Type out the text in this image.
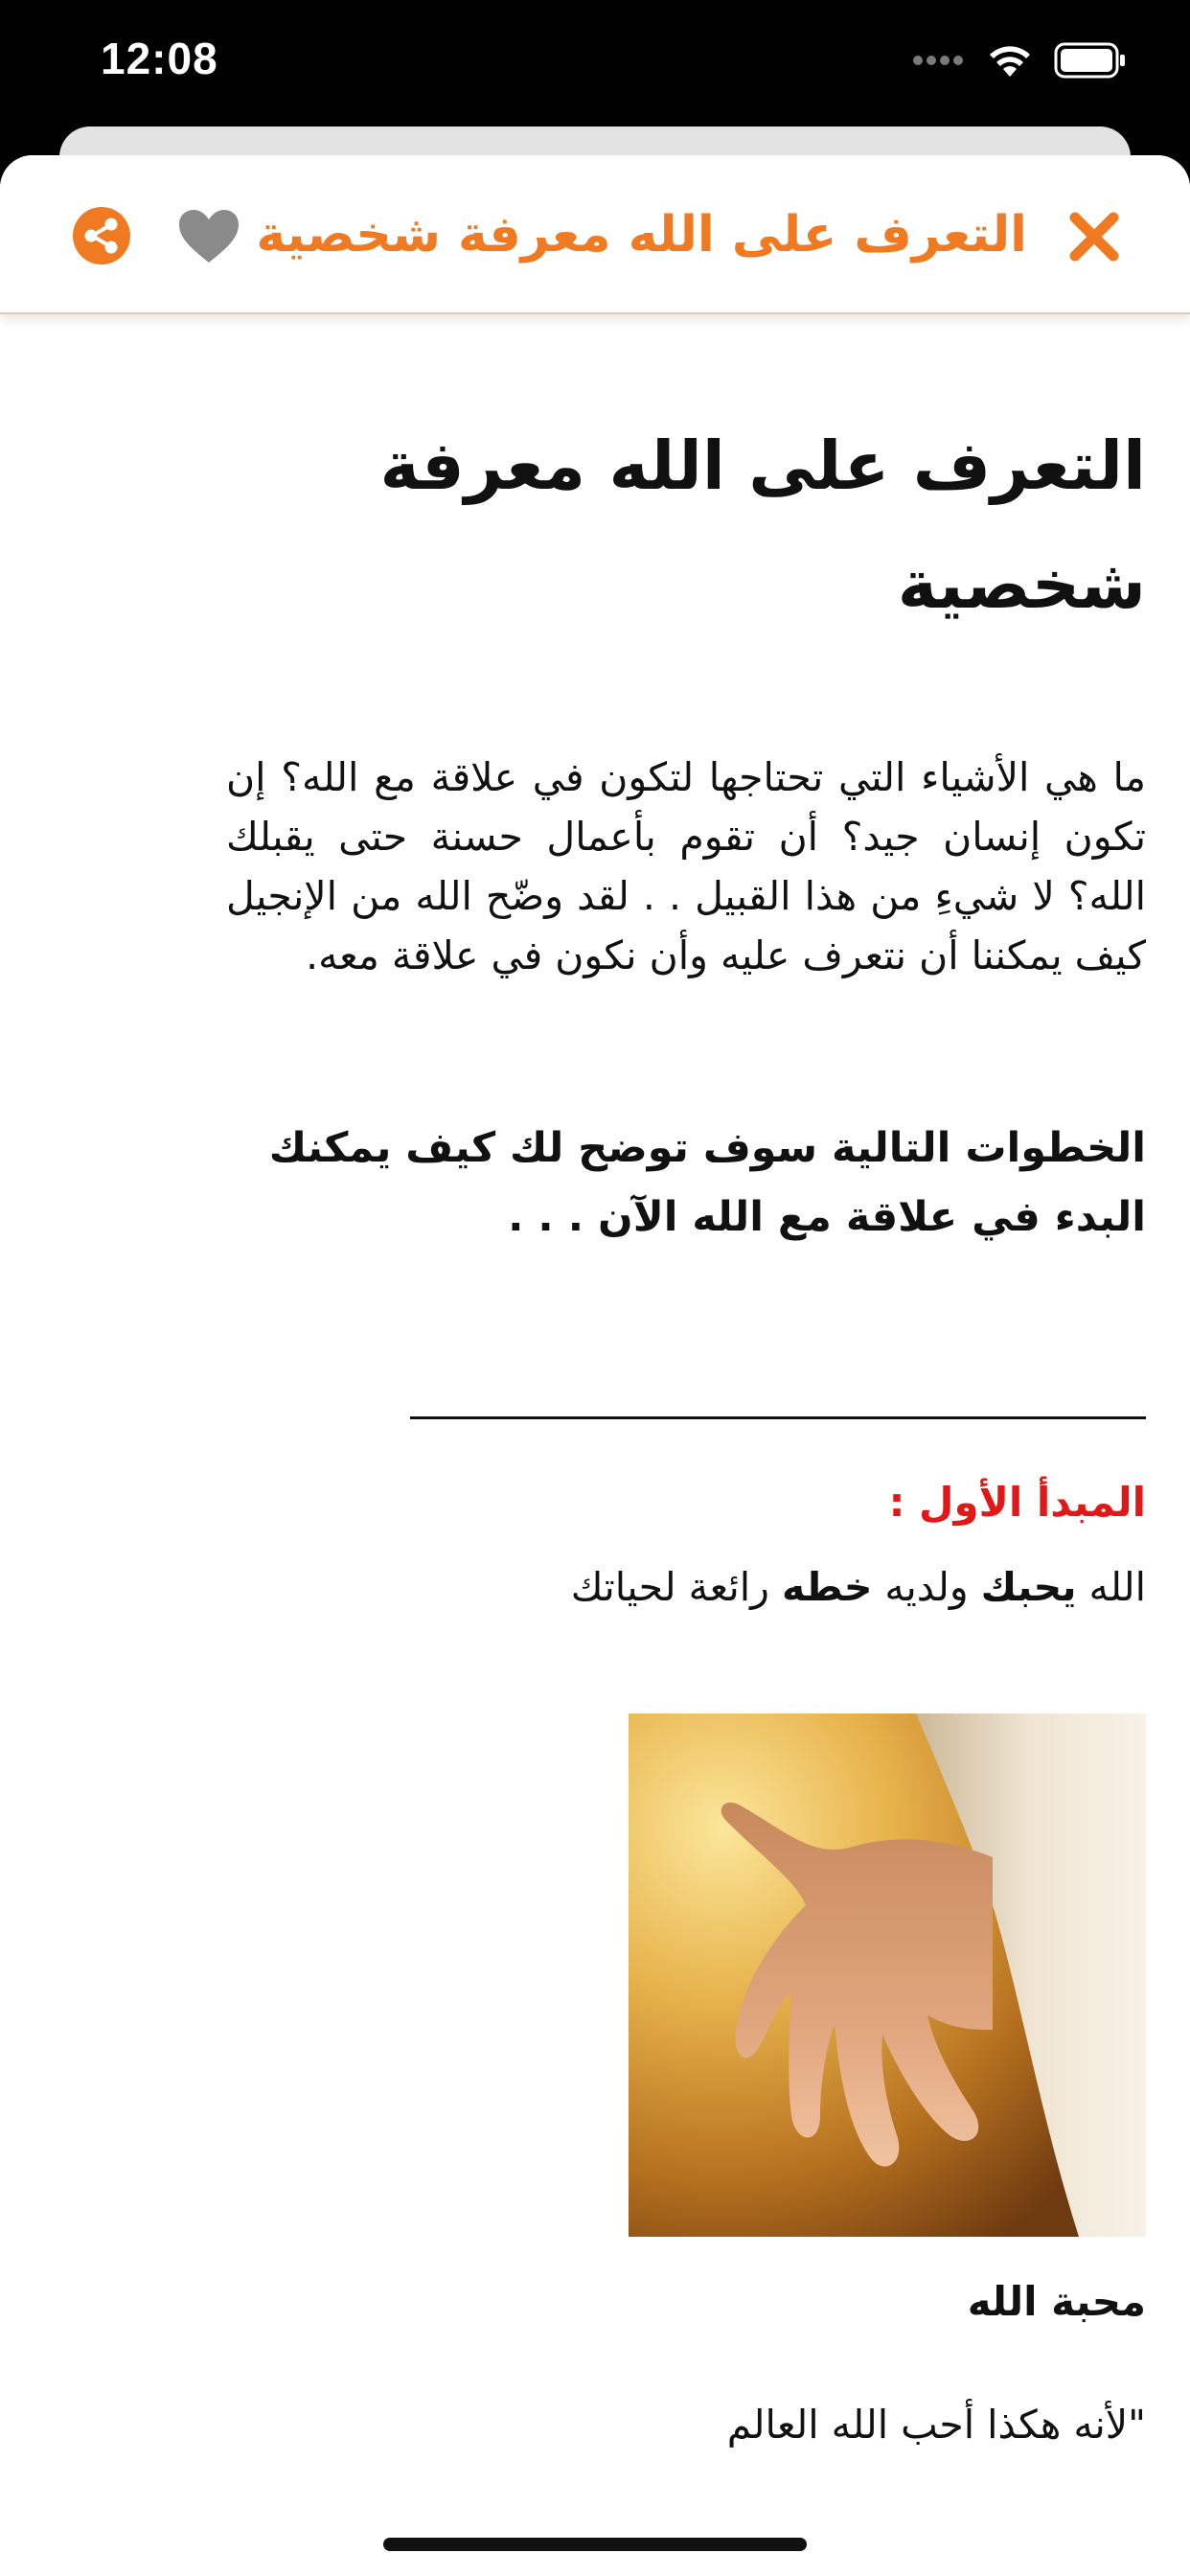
12:08
التعرف على الله معرفة شخصية
التعرف على الله معرفة شخصية
ما هي الأشياء التي تحتاجها لتكون في علاقة مع الله؟ إن تكون إنسان جيد؟ أن تقوم بأعمال حسنة حتى يقبلك الله؟ لا شيءِ من هذا القبيل . . لقد وضّح الله من الإنجيل كيف يمكننا أن نتعرف عليه وأن نكون في علاقة معه.
الخطوات التالية سوف توضح لك كيف يمكنك البدء في علاقة مع الله الآن . . .
المبدأ الأول :
الله يحبك ولديه خطه رائعة لحياتك
محبة الله
"لأنه هكذا أحب الله العالم
